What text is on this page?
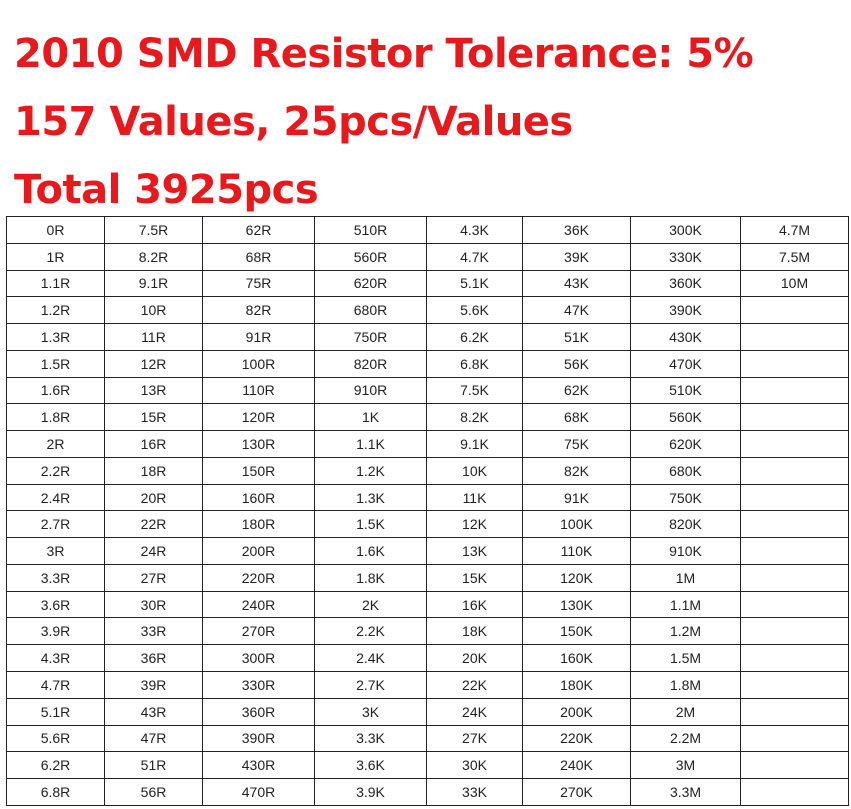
2010 SMD Resistor Tolerance: 5%
157 Values, 25pcs/Values
Total 3925pcs
0R	7.5R	62R	510R	4.3K	36K	300K	4.7M
1R	8.2R	68R	560R	4.7K	39K	330K	7.5M
1.1R	9.1R	75R	620R	5.1K	43K	360K	10M
1.2R	10R	82R	680R	5.6K	47K	390K	
1.3R	11R	91R	750R	6.2K	51K	430K	
1.5R	12R	100R	820R	6.8K	56K	470K	
1.6R	13R	110R	910R	7.5K	62K	510K	
1.8R	15R	120R	1K	8.2K	68K	560K	
2R	16R	130R	1.1K	9.1K	75K	620K	
2.2R	18R	150R	1.2K	10K	82K	680K	
2.4R	20R	160R	1.3K	11K	91K	750K	
2.7R	22R	180R	1.5K	12K	100K	820K	
3R	24R	200R	1.6K	13K	110K	910K	
3.3R	27R	220R	1.8K	15K	120K	1M	
3.6R	30R	240R	2K	16K	130K	1.1M	
3.9R	33R	270R	2.2K	18K	150K	1.2M	
4.3R	36R	300R	2.4K	20K	160K	1.5M	
4.7R	39R	330R	2.7K	22K	180K	1.8M	
5.1R	43R	360R	3K	24K	200K	2M	
5.6R	47R	390R	3.3K	27K	220K	2.2M	
6.2R	51R	430R	3.6K	30K	240K	3M	
6.8R	56R	470R	3.9K	33K	270K	3.3M	
